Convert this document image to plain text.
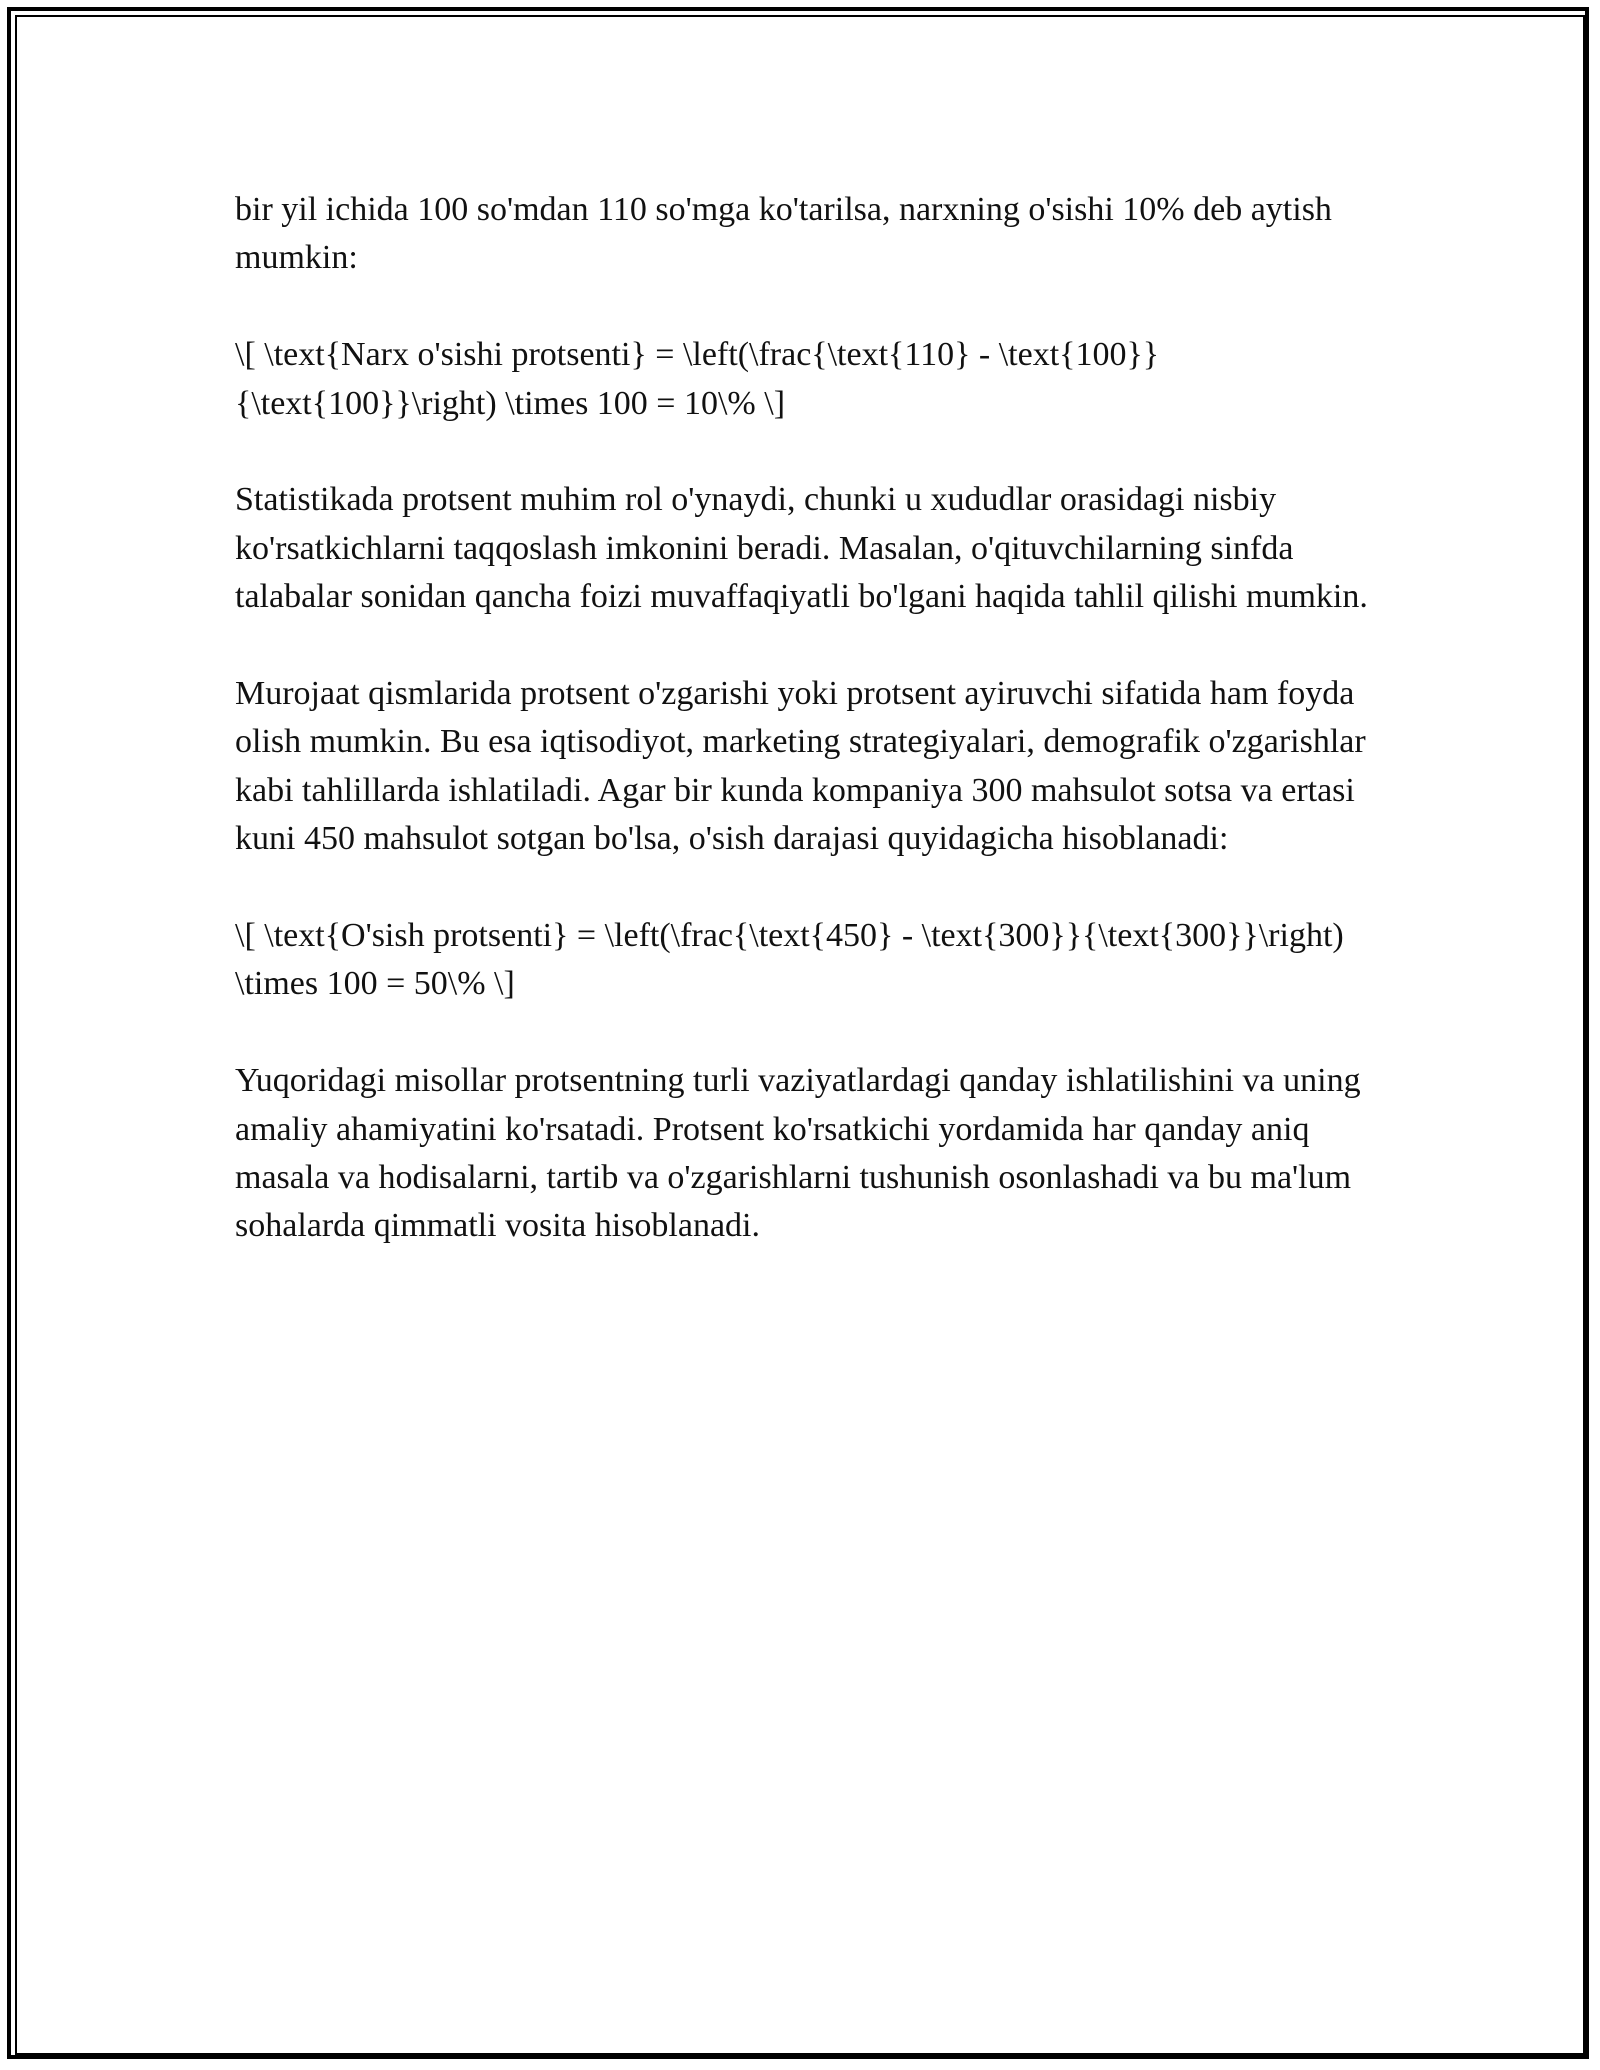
bir yil ichida 100 so'mdan 110 so'mga ko'tarilsa, narxning o'sishi 10% deb aytish mumkin:

\[ \text{Narx o'sishi protsenti} = \left(\frac{\text{110} - \text{100}}{\text{100}}\right) \times 100 = 10\% \]

Statistikada protsent muhim rol o'ynaydi, chunki u xududlar orasidagi nisbiy ko'rsatkichlarni taqqoslash imkonini beradi. Masalan, o'qituvchilarning sinfda talabalar sonidan qancha foizi muvaffaqiyatli bo'lgani haqida tahlil qilishi mumkin.

Murojaat qismlarida protsent o'zgarishi yoki protsent ayiruvchi sifatida ham foyda olish mumkin. Bu esa iqtisodiyot, marketing strategiyalari, demografik o'zgarishlar kabi tahlillarda ishlatiladi. Agar bir kunda kompaniya 300 mahsulot sotsa va ertasi kuni 450 mahsulot sotgan bo'lsa, o'sish darajasi quyidagicha hisoblanadi:

\[ \text{O'sish protsenti} = \left(\frac{\text{450} - \text{300}}{\text{300}}\right) \times 100 = 50\% \]

Yuqoridagi misollar protsentning turli vaziyatlardagi qanday ishlatilishini va uning amaliy ahamiyatini ko'rsatadi. Protsent ko'rsatkichi yordamida har qanday aniq masala va hodisalarni, tartib va o'zgarishlarni tushunish osonlashadi va bu ma'lum sohalarda qimmatli vosita hisoblanadi.
